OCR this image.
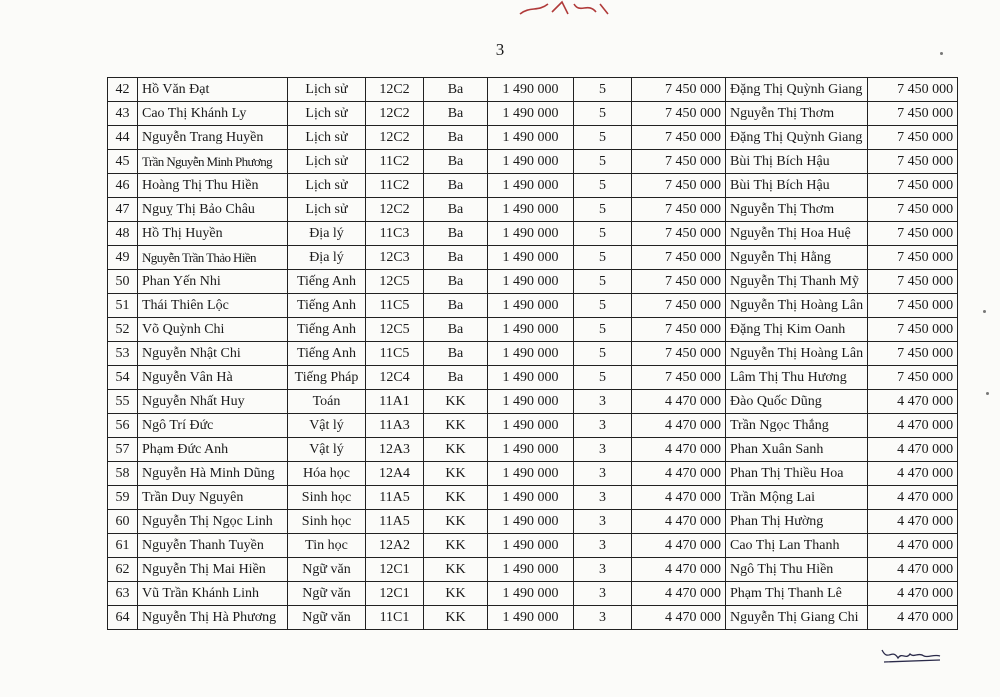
3
42	Hồ Văn Đạt	Lịch sử	12C2	Ba	1 490 000	5	7 450 000	Đặng Thị Quỳnh Giang	7 450 000
43	Cao Thị Khánh Ly	Lịch sử	12C2	Ba	1 490 000	5	7 450 000	Nguyễn Thị Thơm	7 450 000
44	Nguyễn Trang Huyền	Lịch sử	12C2	Ba	1 490 000	5	7 450 000	Đặng Thị Quỳnh Giang	7 450 000
45	Trần Nguyễn Minh Phương	Lịch sử	11C2	Ba	1 490 000	5	7 450 000	Bùi Thị Bích Hậu	7 450 000
46	Hoàng Thị Thu Hiền	Lịch sử	11C2	Ba	1 490 000	5	7 450 000	Bùi Thị Bích Hậu	7 450 000
47	Nguỵ Thị Bảo Châu	Lịch sử	12C2	Ba	1 490 000	5	7 450 000	Nguyễn Thị Thơm	7 450 000
48	Hồ Thị Huyền	Địa lý	11C3	Ba	1 490 000	5	7 450 000	Nguyễn Thị Hoa Huệ	7 450 000
49	Nguyễn Trần Thảo Hiền	Địa lý	12C3	Ba	1 490 000	5	7 450 000	Nguyễn Thị Hằng	7 450 000
50	Phan Yến Nhi	Tiếng Anh	12C5	Ba	1 490 000	5	7 450 000	Nguyễn Thị Thanh Mỹ	7 450 000
51	Thái Thiên Lộc	Tiếng Anh	11C5	Ba	1 490 000	5	7 450 000	Nguyễn Thị Hoàng Lân	7 450 000
52	Võ Quỳnh Chi	Tiếng Anh	12C5	Ba	1 490 000	5	7 450 000	Đặng Thị Kim Oanh	7 450 000
53	Nguyễn Nhật Chi	Tiếng Anh	11C5	Ba	1 490 000	5	7 450 000	Nguyễn Thị Hoàng Lân	7 450 000
54	Nguyễn Vân Hà	Tiếng Pháp	12C4	Ba	1 490 000	5	7 450 000	Lâm Thị Thu Hương	7 450 000
55	Nguyễn Nhất Huy	Toán	11A1	KK	1 490 000	3	4 470 000	Đào Quốc Dũng	4 470 000
56	Ngô Trí Đức	Vật lý	11A3	KK	1 490 000	3	4 470 000	Trần Ngọc Thắng	4 470 000
57	Phạm Đức Anh	Vật lý	12A3	KK	1 490 000	3	4 470 000	Phan Xuân Sanh	4 470 000
58	Nguyễn Hà Minh Dũng	Hóa học	12A4	KK	1 490 000	3	4 470 000	Phan Thị Thiều Hoa	4 470 000
59	Trần Duy Nguyên	Sinh học	11A5	KK	1 490 000	3	4 470 000	Trần Mộng Lai	4 470 000
60	Nguyễn Thị Ngọc Linh	Sinh học	11A5	KK	1 490 000	3	4 470 000	Phan Thị Hường	4 470 000
61	Nguyễn Thanh Tuyền	Tin học	12A2	KK	1 490 000	3	4 470 000	Cao Thị Lan Thanh	4 470 000
62	Nguyễn Thị Mai Hiền	Ngữ văn	12C1	KK	1 490 000	3	4 470 000	Ngô Thị Thu Hiền	4 470 000
63	Vũ Trần Khánh Linh	Ngữ văn	12C1	KK	1 490 000	3	4 470 000	Phạm Thị Thanh Lê	4 470 000
64	Nguyễn Thị Hà Phương	Ngữ văn	11C1	KK	1 490 000	3	4 470 000	Nguyễn Thị Giang Chi	4 470 000
